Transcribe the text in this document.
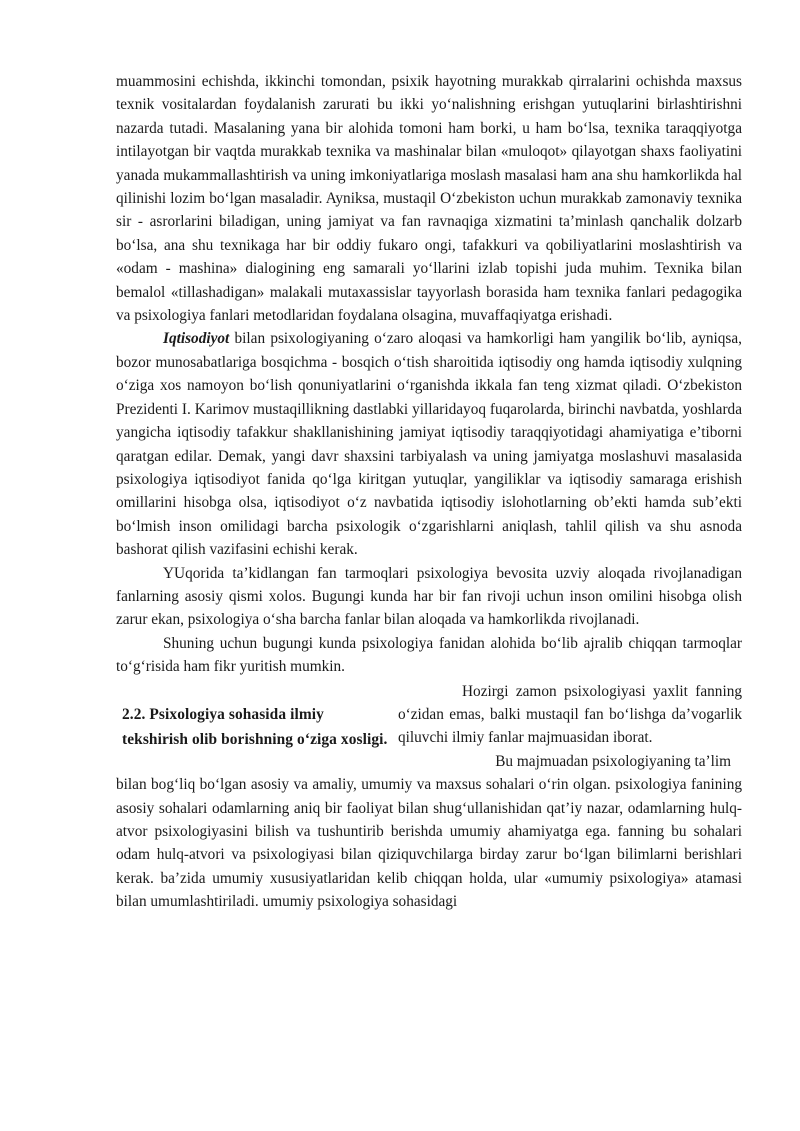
muammosini echishda, ikkinchi tomondan, psixik hayotning murakkab qirralarini ochishda maxsus texnik vositalardan foydalanish zarurati bu ikki yo‘nalishning erishgan yutuqlarini birlashtirishni nazarda tutadi. Masalaning yana bir alohida tomoni ham borki, u ham bo‘lsa, texnika taraqqiyotga intilayotgan bir vaqtda murakkab texnika va mashinalar bilan «muloqot» qilayotgan shaxs faoliyatini yanada mukammallashtirish va uning imkoniyatlariga moslash masalasi ham ana shu hamkorlikda hal qilinishi lozim bo‘lgan masaladir. Ayniksa, mustaqil O‘zbekiston uchun murakkab zamonaviy texnika sir - asrorlarini biladigan, uning jamiyat va fan ravnaqiga xizmatini ta’minlash qanchalik dolzarb bo‘lsa, ana shu texnikaga har bir oddiy fukaro ongi, tafakkuri va qobiliyatlarini moslashtirish va «odam - mashina» dialogining eng samarali yo‘llarini izlab topishi juda muhim. Texnika bilan bemalol «tillashadigan» malakali mutaxassislar tayyorlash borasida ham texnika fanlari pedagogika va psixologiya fanlari metodlaridan foydalana olsagina, muvaffaqiyatga erishadi.

Iqtisodiyot bilan psixologiyaning o‘zaro aloqasi va hamkorligi ham yangilik bo‘lib, ayniqsa, bozor munosabatlariga bosqichma - bosqich o‘tish sharoitida iqtisodiy ong hamda iqtisodiy xulqning o‘ziga xos namoyon bo‘lish qonuniyatlarini o‘rganishda ikkala fan teng xizmat qiladi. O‘zbekiston Prezidenti I. Karimov mustaqillikning dastlabki yillaridayoq fuqarolarda, birinchi navbatda, yoshlarda yangicha iqtisodiy tafakkur shakllanishining jamiyat iqtisodiy taraqqiyotidagi ahamiyatiga e’tiborni qaratgan edilar. Demak, yangi davr shaxsini tarbiyalash va uning jamiyatga moslashuvi masalasida psixologiya iqtisodiyot fanida qo‘lga kiritgan yutuqlar, yangiliklar va iqtisodiy samaraga erishish omillarini hisobga olsa, iqtisodiyot o‘z navbatida iqtisodiy islohotlarning ob’ekti hamda sub’ekti bo‘lmish inson omilidagi barcha psixologik o‘zgarishlarni aniqlash, tahlil qilish va shu asnoda bashorat qilish vazifasini echishi kerak.

YUqorida ta’kidlangan fan tarmoqlari psixologiya bevosita uzviy aloqada rivojlanadigan fanlarning asosiy qismi xolos. Bugungi kunda har bir fan rivoji uchun inson omilini hisobga olish zarur ekan, psixologiya o‘sha barcha fanlar bilan aloqada va hamkorlikda rivojlanadi.

Shuning uchun bugungi kunda psixologiya fanidan alohida bo‘lib ajralib chiqqan tarmoqlar to‘g‘risida ham fikr yuritish mumkin.

2.2. Psixologiya sohasida ilmiy tekshirish olib borishning o‘ziga xosligi.

Hozirgi zamon psixologiyasi yaxlit fanning o‘zidan emas, balki mustaqil fan bo‘lishga da’vogarlik qiluvchi ilmiy fanlar majmuasidan iborat.

Bu majmuadan psixologiyaning ta’lim

bilan bog‘liq bo‘lgan asosiy va amaliy, umumiy va maxsus sohalari o‘rin olgan. psixologiya fanining asosiy sohalari odamlarning aniq bir faoliyat bilan shug‘ullanishidan qat’iy nazar, odamlarning hulq-atvor psixologiyasini bilish va tushuntirib berishda umumiy ahamiyatga ega. fanning bu sohalari odam hulq-atvori va psixologiyasi bilan qiziquvchilarga birday zarur bo‘lgan bilimlarni berishlari kerak. ba’zida umumiy xususiyatlaridan kelib chiqqan holda, ular «umumiy psixologiya» atamasi bilan umumlashtiriladi. umumiy psixologiya sohasidagi
